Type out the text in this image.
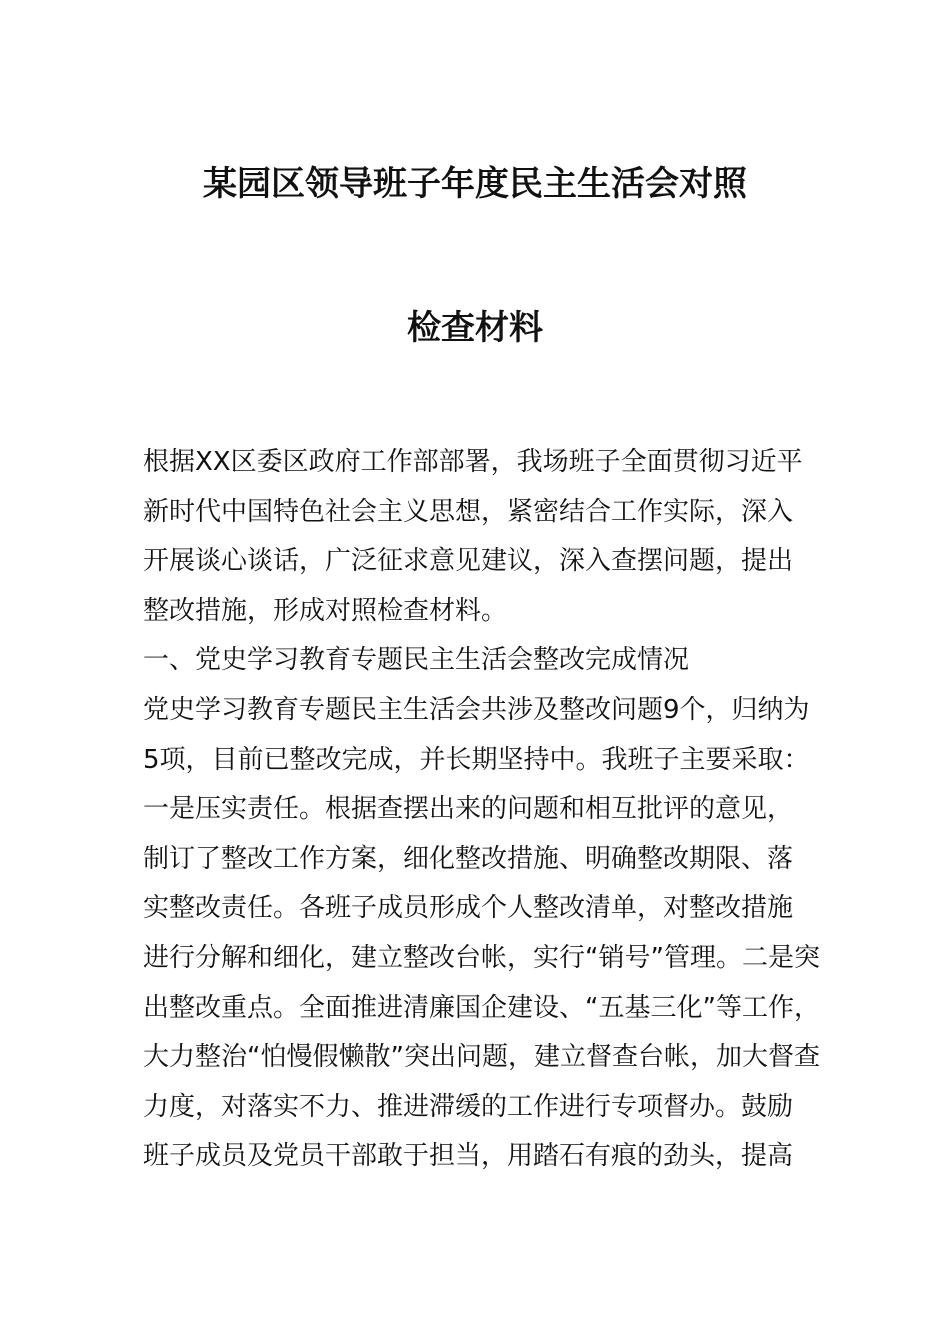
某园区领导班子年度民主生活会对照
检查材料
根据XX区委区政府工作部部署，我场班子全面贯彻习近平
新时代中国特色社会主义思想，紧密结合工作实际，深入
开展谈心谈话，广泛征求意见建议，深入查摆问题，提出
整改措施，形成对照检查材料。
一、党史学习教育专题民主生活会整改完成情况
党史学习教育专题民主生活会共涉及整改问题9个，归纳为
5项，目前已整改完成，并长期坚持中。我班子主要采取：
一是压实责任。根据查摆出来的问题和相互批评的意见，
制订了整改工作方案，细化整改措施、明确整改期限、落
实整改责任。各班子成员形成个人整改清单，对整改措施
进行分解和细化，建立整改台帐，实行“销号”管理。二是突
出整改重点。全面推进清廉国企建设、“五基三化”等工作，
大力整治“怕慢假懒散”突出问题，建立督查台帐，加大督查
力度，对落实不力、推进滞缓的工作进行专项督办。鼓励
班子成员及党员干部敢于担当，用踏石有痕的劲头，提高
